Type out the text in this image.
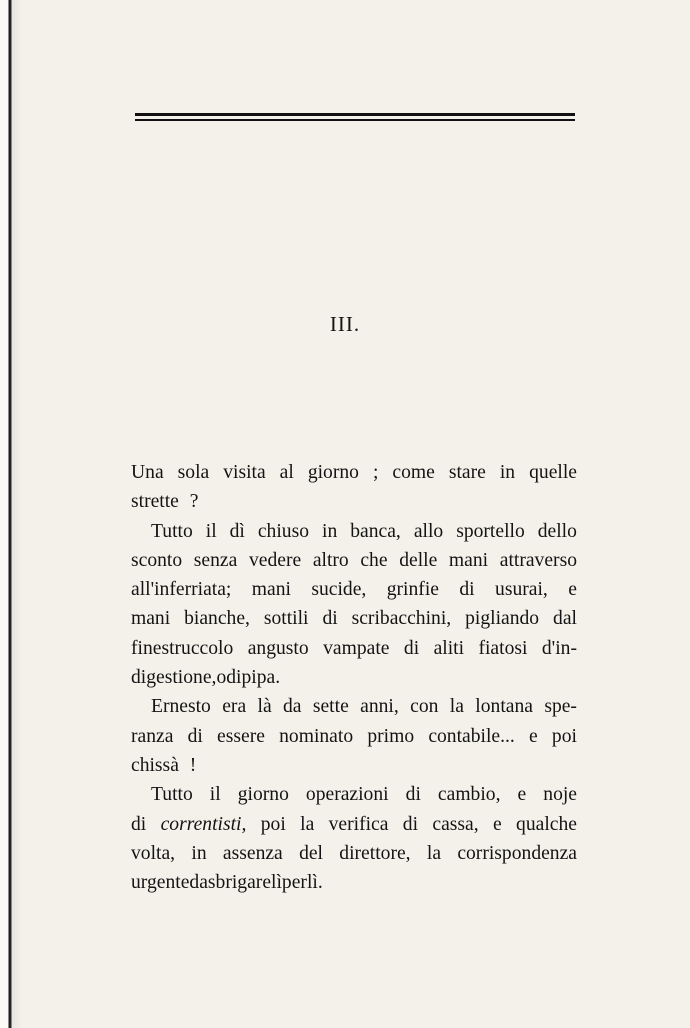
III.
Una sola visita al giorno ; come stare in quelle
strette ?
Tutto il dì chiuso in banca, allo sportello dello
sconto senza vedere altro che delle mani attraverso
all'inferriata; mani sucide, grinfie di usurai, e
mani bianche, sottili di scribacchini, pigliando dal
finestruccolo angusto vampate di aliti fiatosi d'in-
digestione, o di pipa.
Ernesto era là da sette anni, con la lontana spe-
ranza di essere nominato primo contabile... e poi
chissà !
Tutto il giorno operazioni di cambio, e noje
di correntisti, poi la verifica di cassa, e qualche
volta, in assenza del direttore, la corrispondenza
urgente da sbrigare lì per lì.
